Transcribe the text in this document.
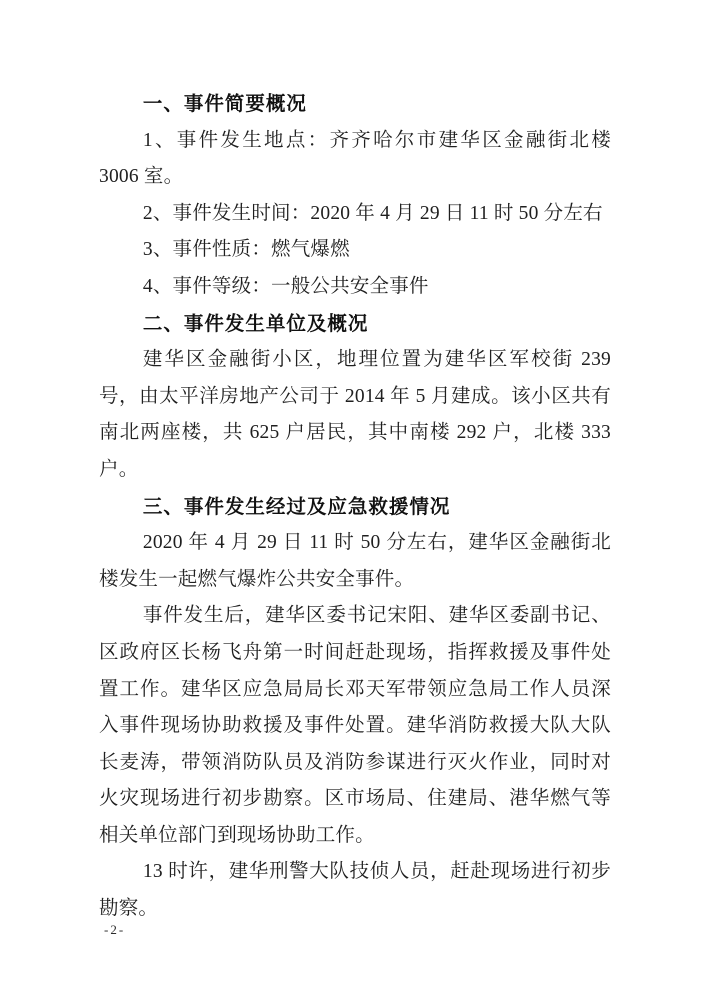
一、事件简要概况

1、事件发生地点：齐齐哈尔市建华区金融街北楼 3006 室。

2、事件发生时间：2020 年 4 月 29 日 11 时 50 分左右

3、事件性质：燃气爆燃

4、事件等级：一般公共安全事件

二、事件发生单位及概况

建华区金融街小区，地理位置为建华区军校街 239 号，由太平洋房地产公司于 2014 年 5 月建成。该小区共有南北两座楼，共 625 户居民，其中南楼 292 户，北楼 333 户。

三、事件发生经过及应急救援情况

2020 年 4 月 29 日 11 时 50 分左右，建华区金融街北楼发生一起燃气爆炸公共安全事件。

事件发生后，建华区委书记宋阳、建华区委副书记、区政府区长杨飞舟第一时间赶赴现场，指挥救援及事件处置工作。建华区应急局局长邓天军带领应急局工作人员深入事件现场协助救援及事件处置。建华消防救援大队大队长麦涛，带领消防队员及消防参谋进行灭火作业，同时对火灾现场进行初步勘察。区市场局、住建局、港华燃气等相关单位部门到现场协助工作。

13 时许，建华刑警大队技侦人员，赶赴现场进行初步勘察。

-2-
